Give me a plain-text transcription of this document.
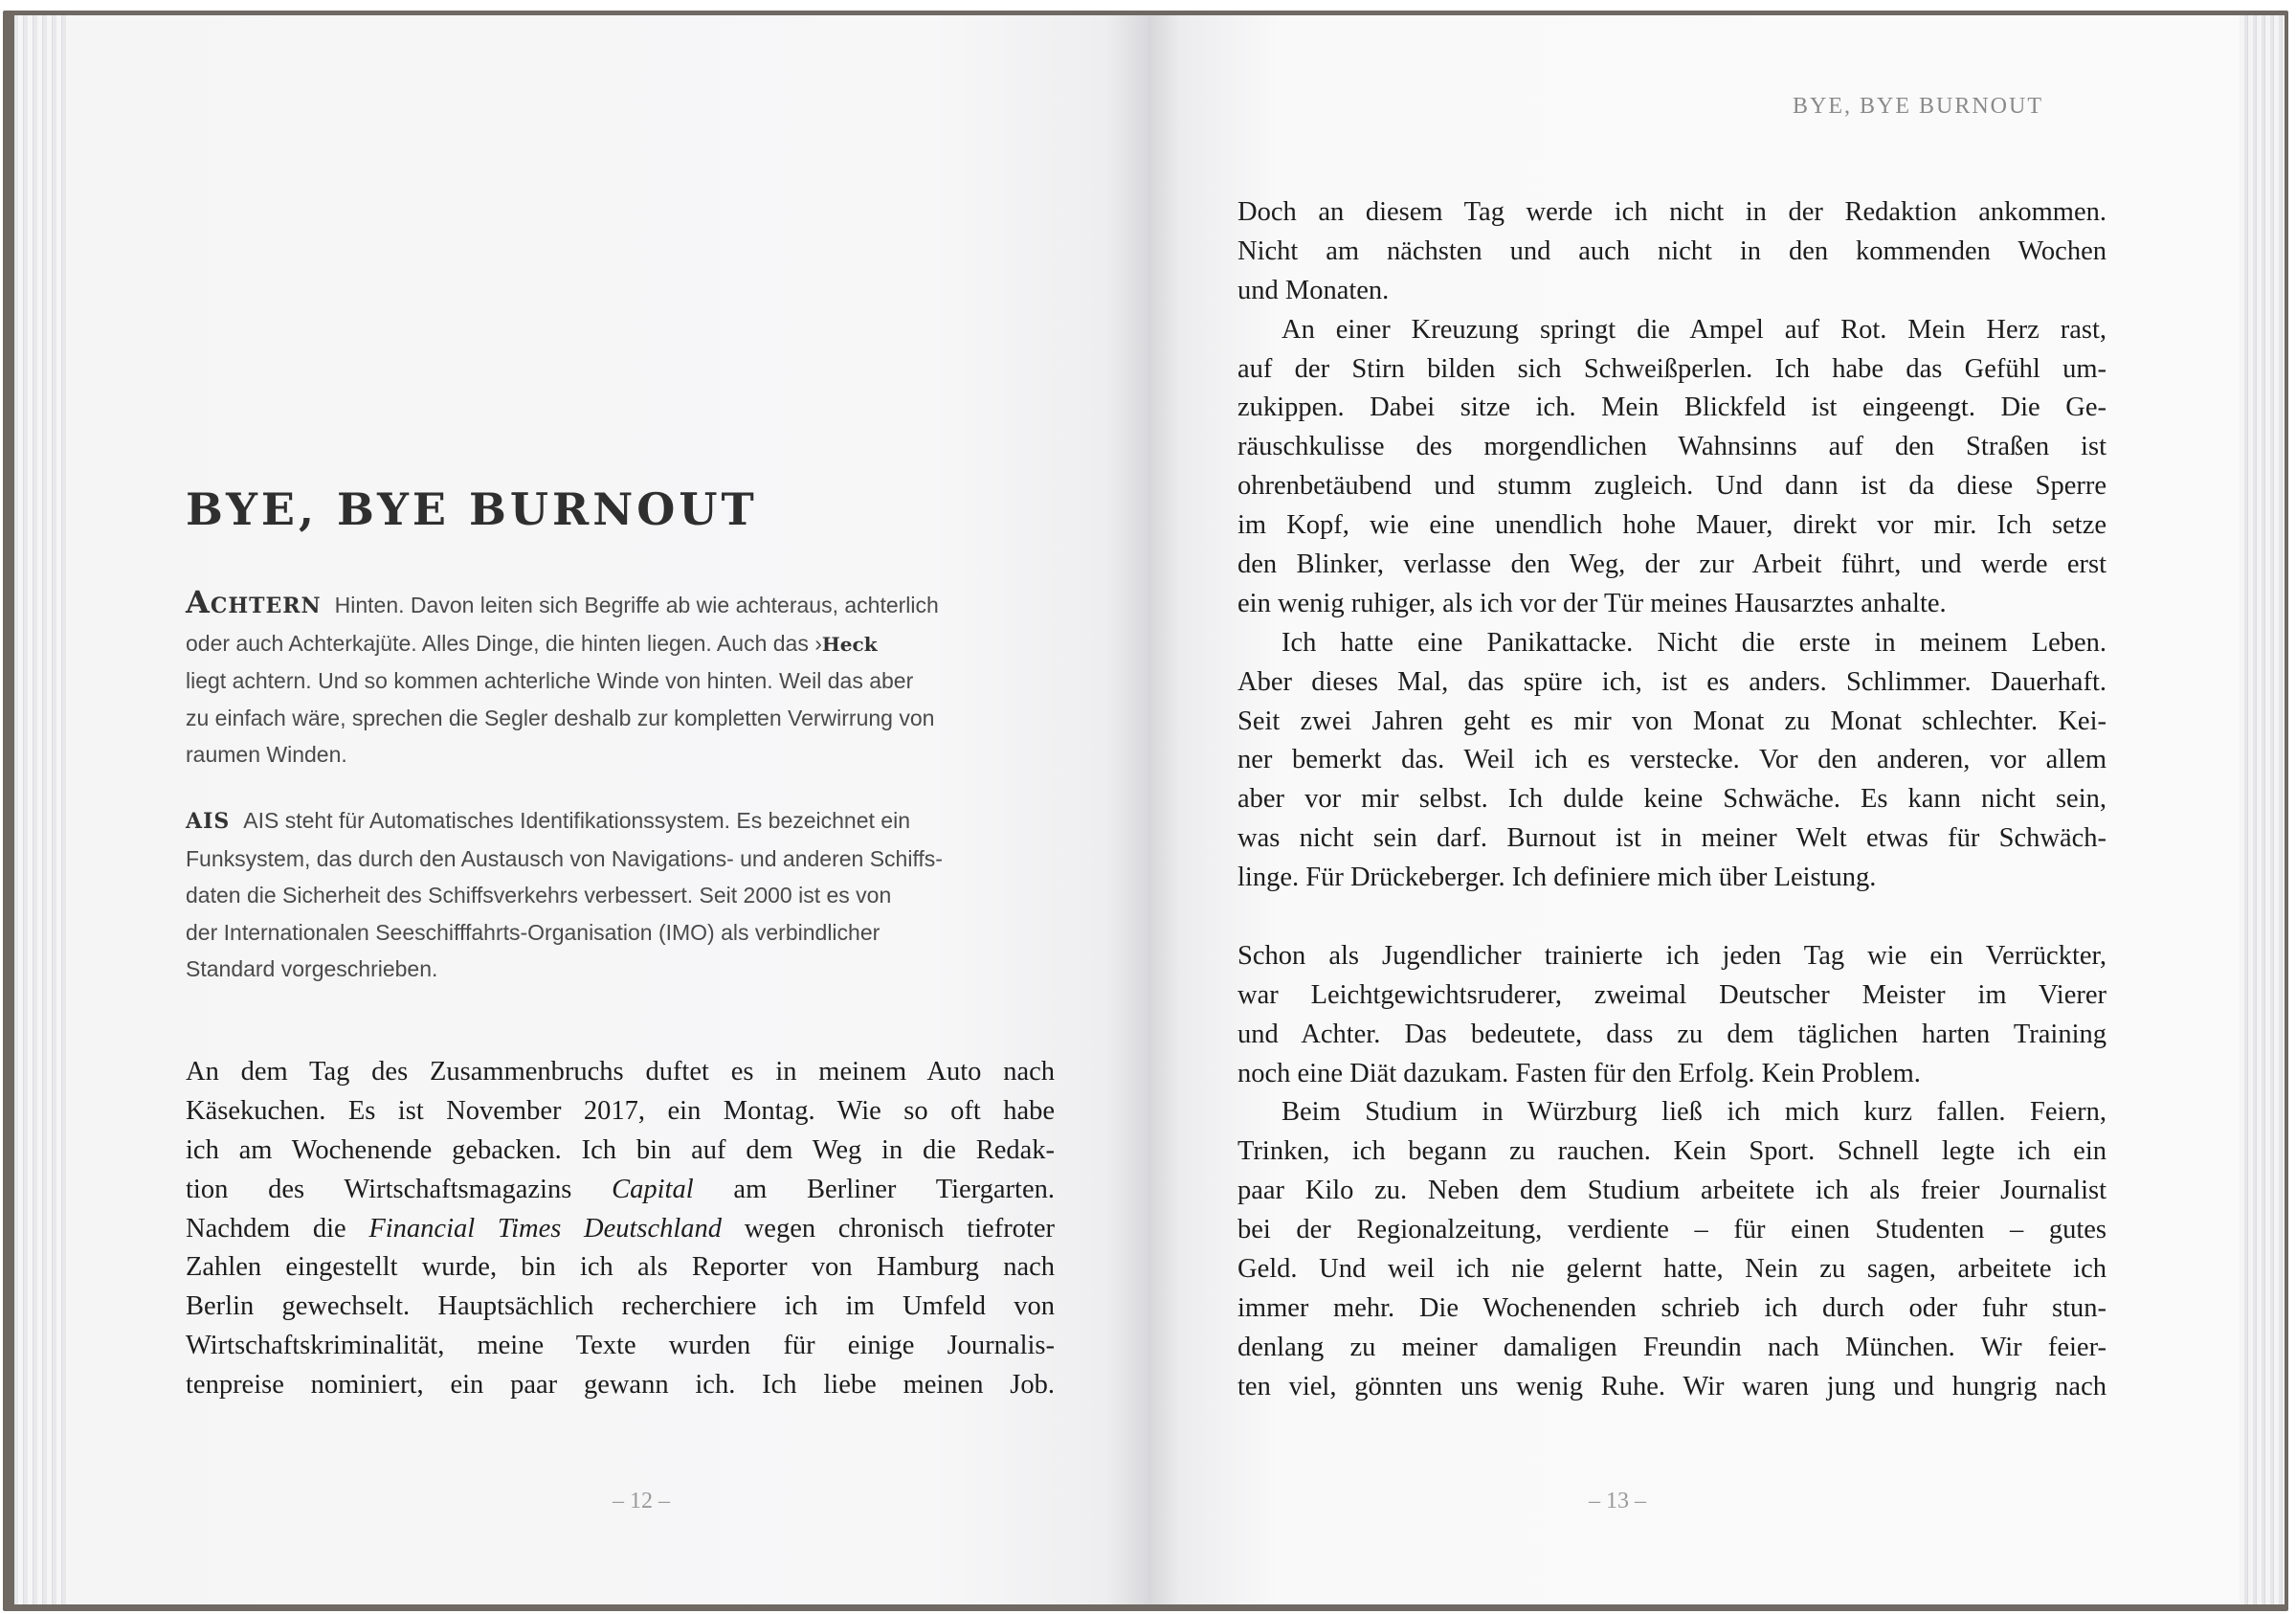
BYE, BYE BURNOUT
BYE, BYE BURNOUT
ACHTERN Hinten. Davon leiten sich Begriffe ab wie achteraus, achterlich
oder auch Achterkajüte. Alles Dinge, die hinten liegen. Auch das ›Heck
liegt achtern. Und so kommen achterliche Winde von hinten. Weil das aber
zu einfach wäre, sprechen die Segler deshalb zur kompletten Verwirrung von
raumen Winden.
AIS AIS steht für Automatisches Identifikationssystem. Es bezeichnet ein
Funksystem, das durch den Austausch von Navigations- und anderen Schiffs-
daten die Sicherheit des Schiffsverkehrs verbessert. Seit 2000 ist es von
der Internationalen Seeschifffahrts-Organisation (IMO) als verbindlicher
Standard vorgeschrieben.
An dem Tag des Zusammenbruchs duftet es in meinem Auto nach
Käsekuchen. Es ist November 2017, ein Montag. Wie so oft habe
ich am Wochenende gebacken. Ich bin auf dem Weg in die Redak-
tion des Wirtschaftsmagazins Capital am Berliner Tiergarten.
Nachdem die Financial Times Deutschland wegen chronisch tiefroter
Zahlen eingestellt wurde, bin ich als Reporter von Hamburg nach
Berlin gewechselt. Hauptsächlich recherchiere ich im Umfeld von
Wirtschaftskriminalität, meine Texte wurden für einige Journalis-
tenpreise nominiert, ein paar gewann ich. Ich liebe meinen Job.
Doch an diesem Tag werde ich nicht in der Redaktion ankommen.
Nicht am nächsten und auch nicht in den kommenden Wochen
und Monaten.
An einer Kreuzung springt die Ampel auf Rot. Mein Herz rast,
auf der Stirn bilden sich Schweißperlen. Ich habe das Gefühl um-
zukippen. Dabei sitze ich. Mein Blickfeld ist eingeengt. Die Ge-
räuschkulisse des morgendlichen Wahnsinns auf den Straßen ist
ohrenbetäubend und stumm zugleich. Und dann ist da diese Sperre
im Kopf, wie eine unendlich hohe Mauer, direkt vor mir. Ich setze
den Blinker, verlasse den Weg, der zur Arbeit führt, und werde erst
ein wenig ruhiger, als ich vor der Tür meines Hausarztes anhalte.
Ich hatte eine Panikattacke. Nicht die erste in meinem Leben.
Aber dieses Mal, das spüre ich, ist es anders. Schlimmer. Dauerhaft.
Seit zwei Jahren geht es mir von Monat zu Monat schlechter. Kei-
ner bemerkt das. Weil ich es verstecke. Vor den anderen, vor allem
aber vor mir selbst. Ich dulde keine Schwäche. Es kann nicht sein,
was nicht sein darf. Burnout ist in meiner Welt etwas für Schwäch-
linge. Für Drückeberger. Ich definiere mich über Leistung.
Schon als Jugendlicher trainierte ich jeden Tag wie ein Verrückter,
war Leichtgewichtsruderer, zweimal Deutscher Meister im Vierer
und Achter. Das bedeutete, dass zu dem täglichen harten Training
noch eine Diät dazukam. Fasten für den Erfolg. Kein Problem.
Beim Studium in Würzburg ließ ich mich kurz fallen. Feiern,
Trinken, ich begann zu rauchen. Kein Sport. Schnell legte ich ein
paar Kilo zu. Neben dem Studium arbeitete ich als freier Journalist
bei der Regionalzeitung, verdiente – für einen Studenten – gutes
Geld. Und weil ich nie gelernt hatte, Nein zu sagen, arbeitete ich
immer mehr. Die Wochenenden schrieb ich durch oder fuhr stun-
denlang zu meiner damaligen Freundin nach München. Wir feier-
ten viel, gönnten uns wenig Ruhe. Wir waren jung und hungrig nach
– 12 –	– 13 –
